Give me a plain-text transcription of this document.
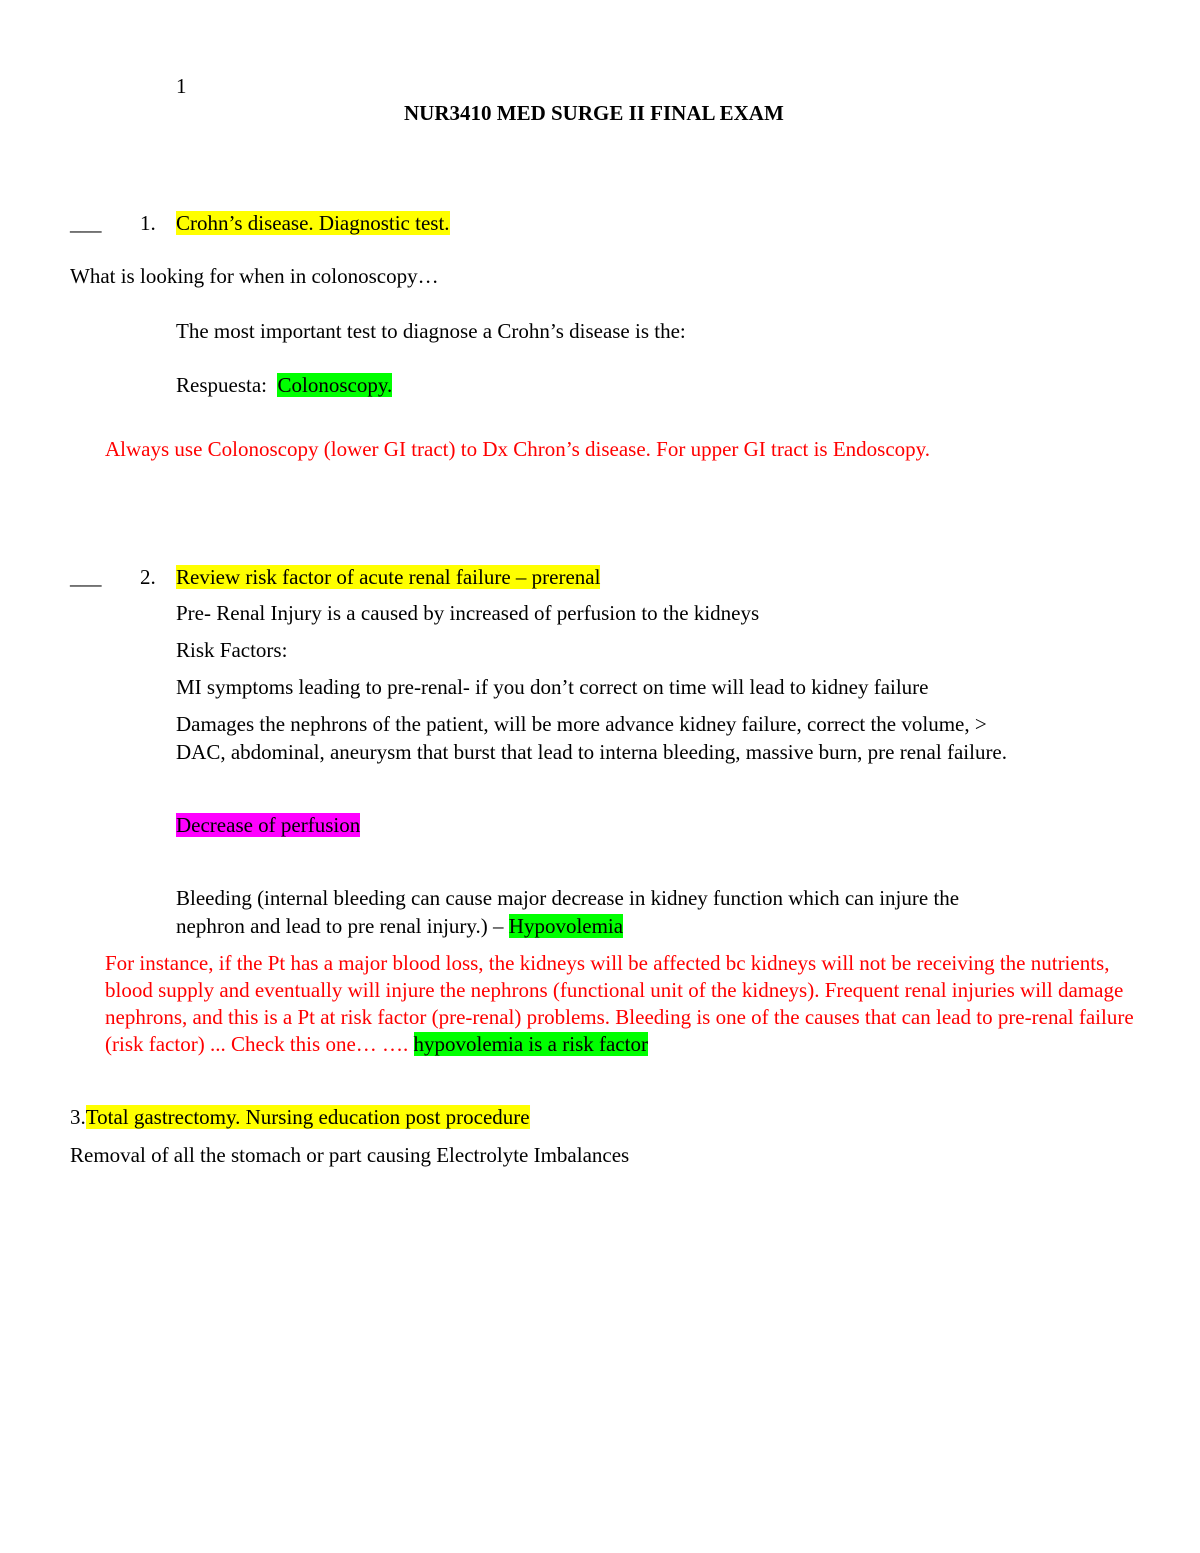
1
NUR3410 MED SURGE II FINAL EXAM
___ 1. Crohn’s disease. Diagnostic test.
What is looking for when in colonoscopy…
The most important test to diagnose a Crohn’s disease is the:
Respuesta: Colonoscopy.
Always use Colonoscopy (lower GI tract) to Dx Chron’s disease. For upper GI tract is Endoscopy.
___ 2. Review risk factor of acute renal failure – prerenal
Pre- Renal Injury is a caused by increased of perfusion to the kidneys
Risk Factors:
MI symptoms leading to pre-renal- if you don’t correct on time will lead to kidney failure
Damages the nephrons of the patient, will be more advance kidney failure, correct the volume, >
DAC, abdominal, aneurysm that burst that lead to interna bleeding, massive burn, pre renal failure.
Decrease of perfusion
Bleeding (internal bleeding can cause major decrease in kidney function which can injure the
nephron and lead to pre renal injury.) – Hypovolemia
For instance, if the Pt has a major blood loss, the kidneys will be affected bc kidneys will not be receiving the nutrients, blood supply and eventually will injure the nephrons (functional unit of the kidneys). Frequent renal injuries will damage nephrons, and this is a Pt at risk factor (pre-renal) problems. Bleeding is one of the causes that can lead to pre-renal failure (risk factor) ... Check this one… …. hypovolemia is a risk factor
3.Total gastrectomy. Nursing education post procedure
Removal of all the stomach or part causing Electrolyte Imbalances
